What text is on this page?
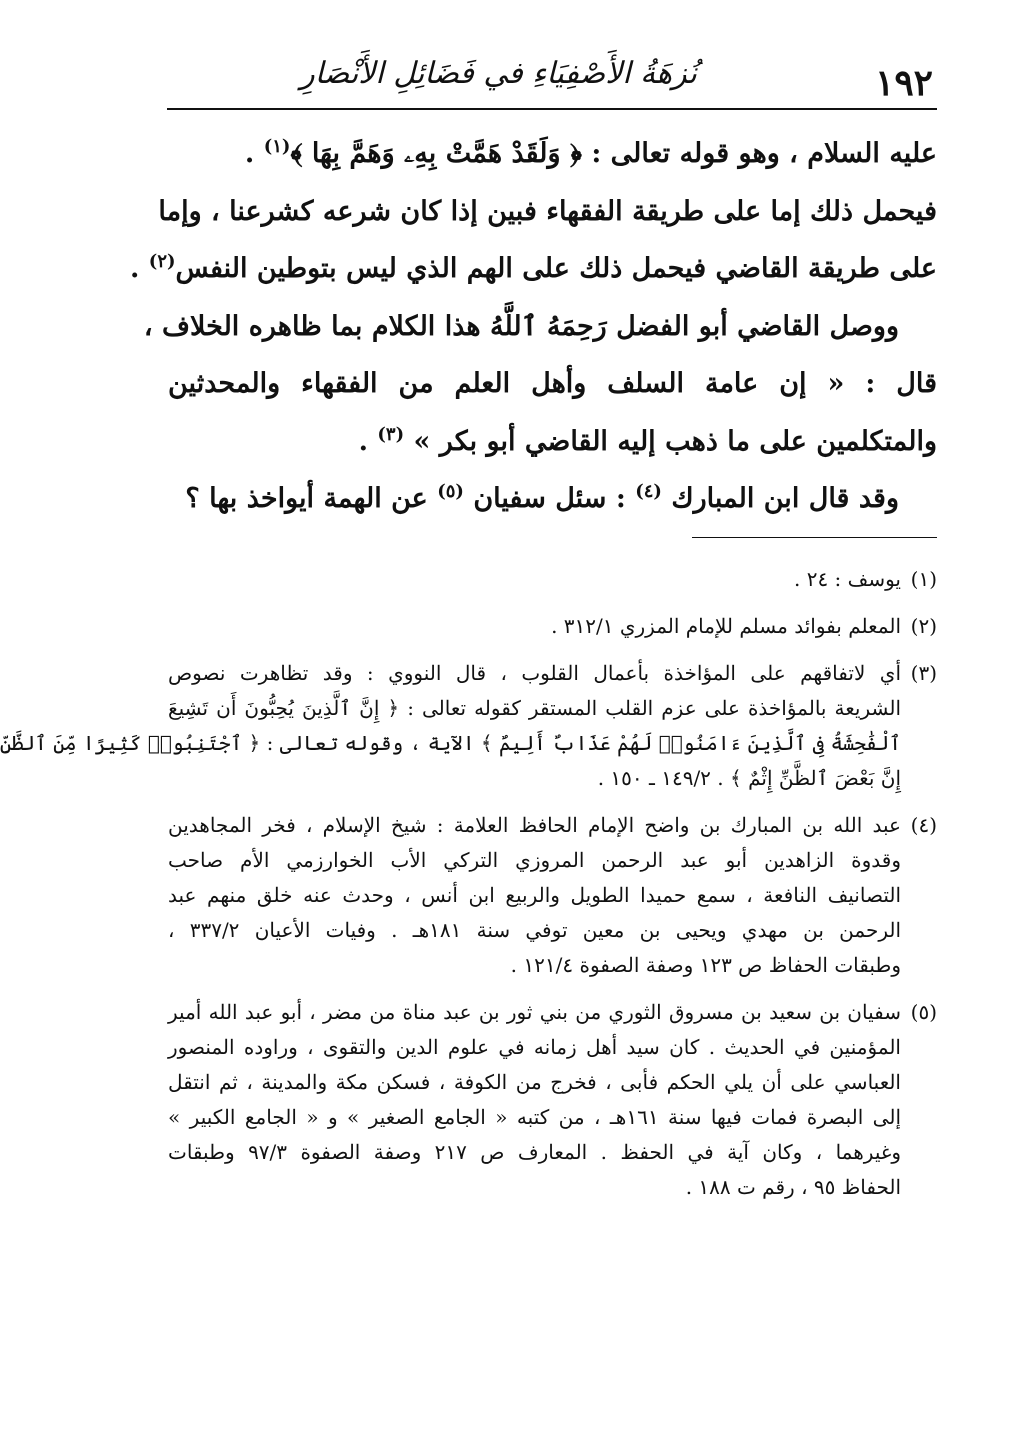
١٩٢
نُزهَةُ الأَصْفِيَاءِ في فَضَائِلِ الأَنْصَارِ
عليه السلام ، وهو قوله تعالى : ﴿ وَلَقَدْ هَمَّتْ بِهِۦ وَهَمَّ بِهَا ﴾$^{(١)}$ .
فيحمل ذلك إما على طريقة الفقهاء فبين إذا كان شرعه كشرعنا ، وإما
على طريقة القاضي فيحمل ذلك على الهم الذي ليس بتوطين النفس$^{(٢)}$ .
ووصل القاضي أبو الفضل رَحِمَهُ ٱللَّهُ هذا الكلام بما ظاهره الخلاف ،
قال : « إن عامة السلف وأهل العلم من الفقهاء والمحدثين
والمتكلمين على ما ذهب إليه القاضي أبو بكر » $^{(٣)}$ .
وقد قال ابن المبارك $^{(٤)}$ : سئل سفيان $^{(٥)}$ عن الهمة أيواخذ بها ؟
(١)
يوسف : ٢٤ .
(٢)
المعلم بفوائد مسلم للإمام المزري ٣١٢/١ .
(٣)
أي لاتفاقهم على المؤاخذة بأعمال القلوب ، قال النووي : وقد تظاهرت نصوص
الشريعة بالمؤاخذة على عزم القلب المستقر كقوله تعالى : ﴿ إِنَّ ٱلَّذِينَ يُحِبُّونَ أَن تَشِيعَ
ٱلْفَٰحِشَةُ فِى ٱلَّذِينَ ءَامَنُوا۟ لَهُمْ عَذَابٌ أَلِيمٌ ﴾ الآية ، وقوله تعالى : ﴿ ٱجْتَنِبُوا۟ كَثِيرًا مِّنَ ٱلظَّنِّ
إِنَّ بَعْضَ ٱلظَّنِّ إِثْمٌ ﴾ . ١٤٩/٢ ـ ١٥٠ .
(٤)
عبد الله بن المبارك بن واضح الإمام الحافظ العلامة : شيخ الإسلام ، فخر المجاهدين
وقدوة الزاهدين أبو عبد الرحمن المروزي التركي الأب الخوارزمي الأم صاحب
التصانيف النافعة ، سمع حميدا الطويل والربيع ابن أنس ، وحدث عنه خلق منهم عبد
الرحمن بن مهدي ويحيى بن معين توفي سنة ١٨١هـ . وفيات الأعيان ٣٣٧/٢ ،
وطبقات الحفاظ ص ١٢٣ وصفة الصفوة ١٢١/٤ .
(٥)
سفيان بن سعيد بن مسروق الثوري من بني ثور بن عبد مناة من مضر ، أبو عبد الله أمير
المؤمنين في الحديث . كان سيد أهل زمانه في علوم الدين والتقوى ، وراوده المنصور
العباسي على أن يلي الحكم فأبى ، فخرج من الكوفة ، فسكن مكة والمدينة ، ثم انتقل
إلى البصرة فمات فيها سنة ١٦١هـ ، من كتبه « الجامع الصغير » و « الجامع الكبير »
وغيرهما ، وكان آية في الحفظ . المعارف ص ٢١٧ وصفة الصفوة ٩٧/٣ وطبقات
الحفاظ ٩٥ ، رقم ت ١٨٨ .
